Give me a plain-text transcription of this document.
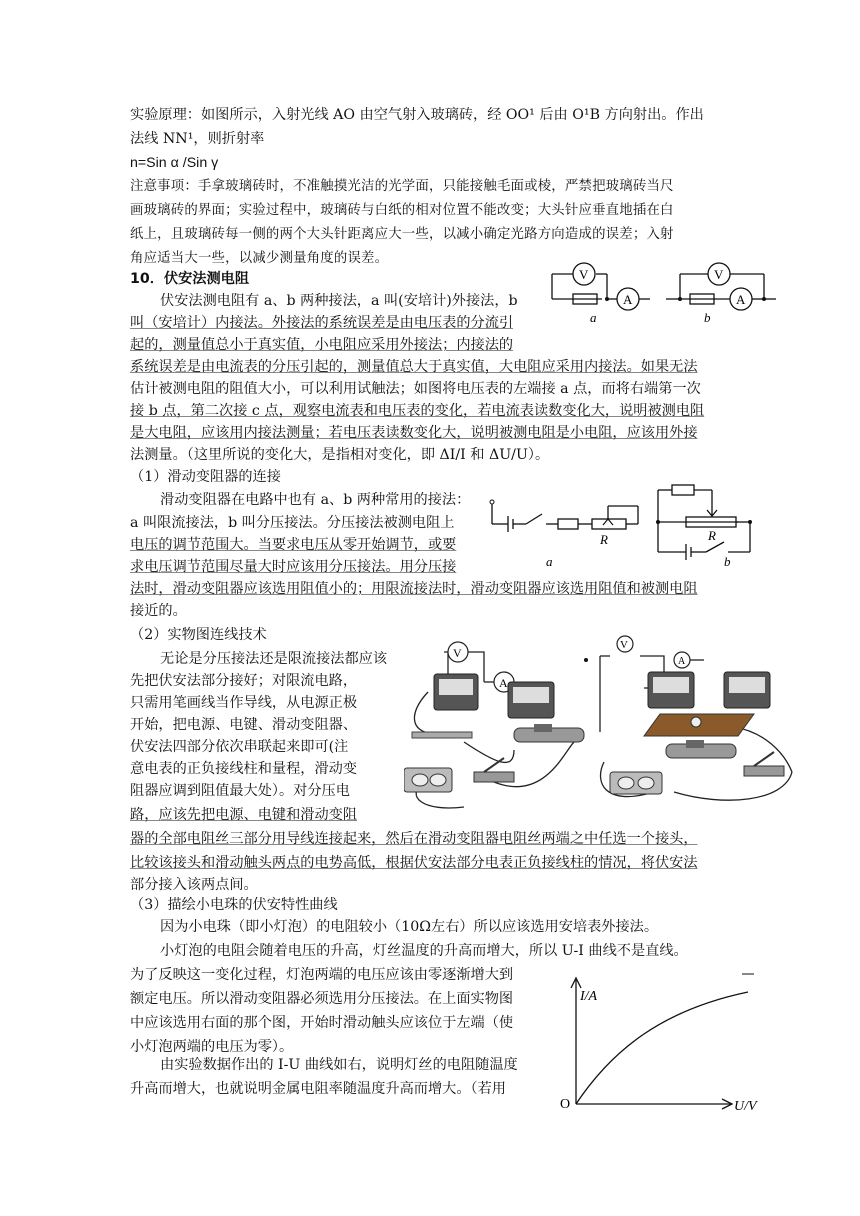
实验原理：如图所示，入射光线 AO 由空气射入玻璃砖，经 OO¹ 后由 O¹B 方向射出。作出
法线 NN¹，则折射率
n=Sin α /Sin γ
注意事项：手拿玻璃砖时，不准触摸光洁的光学面，只能接触毛面或棱，严禁把玻璃砖当尺
画玻璃砖的界面；实验过程中，玻璃砖与白纸的相对位置不能改变；大头针应垂直地插在白
纸上，且玻璃砖每一侧的两个大头针距离应大一些，以减小确定光路方向造成的误差；入射
角应适当大一些，以减少测量角度的误差。
10．伏安法测电阻
伏安法测电阻有 a、b 两种接法，a 叫(安培计)外接法，b
叫（安培计）内接法。外接法的系统误差是由电压表的分流引
起的，测量值总小于真实值，小电阻应采用外接法；内接法的
系统误差是由电流表的分压引起的，测量值总大于真实值，大电阻应采用内接法。如果无法
估计被测电阻的阻值大小，可以利用试触法；如图将电压表的左端接 a 点，而将右端第一次
接 b 点，第二次接 c 点，观察电流表和电压表的变化，若电流表读数变化大，说明被测电阻
是大电阻，应该用内接法测量；若电压表读数变化大，说明被测电阻是小电阻，应该用外接
法测量。（这里所说的变化大，是指相对变化，即 ΔI/I 和 ΔU/U）。
V
A
V
A
a	b
（1）滑动变阻器的连接
滑动变阻器在电路中也有 a、b 两种常用的接法：
a 叫限流接法，b 叫分压接法。分压接法被测电阻上
电压的调节范围大。当要求电压从零开始调节，或要
求电压调节范围尽量大时应该用分压接法。用分压接
法时，滑动变阻器应该选用阻值小的；用限流接法时，滑动变阻器应该选用阻值和被测电阻
接近的。
R
a
R
b
（2）实物图连线技术
无论是分压接法还是限流接法都应该
先把伏安法部分接好；对限流电路，
只需用笔画线当作导线，从电源正极
开始，把电源、电键、滑动变阻器、
伏安法四部分依次串联起来即可(注
意电表的正负接线柱和量程，滑动变
阻器应调到阻值最大处）。对分压电
路，应该先把电源、电键和滑动变阻
器的全部电阻丝三部分用导线连接起来，然后在滑动变阻器电阻丝两端之中任选一个接头，
比较该接头和滑动触头两点的电势高低，根据伏安法部分电表正负接线柱的情况，将伏安法
部分接入该两点间。
V
A
V
A
（3）描绘小电珠的伏安特性曲线
因为小电珠（即小灯泡）的电阻较小（10Ω左右）所以应该选用安培表外接法。
小灯泡的电阻会随着电压的升高，灯丝温度的升高而增大，所以 U-I 曲线不是直线。
为了反映这一变化过程，灯泡两端的电压应该由零逐渐增大到
额定电压。所以滑动变阻器必须选用分压接法。在上面实物图
中应该选用右面的那个图，开始时滑动触头应该位于左端（使
小灯泡两端的电压为零）。
由实验数据作出的 I-U 曲线如右，说明灯丝的电阻随温度
升高而增大，也就说明金属电阻率随温度升高而增大。（若用
I/A
U/V
O
